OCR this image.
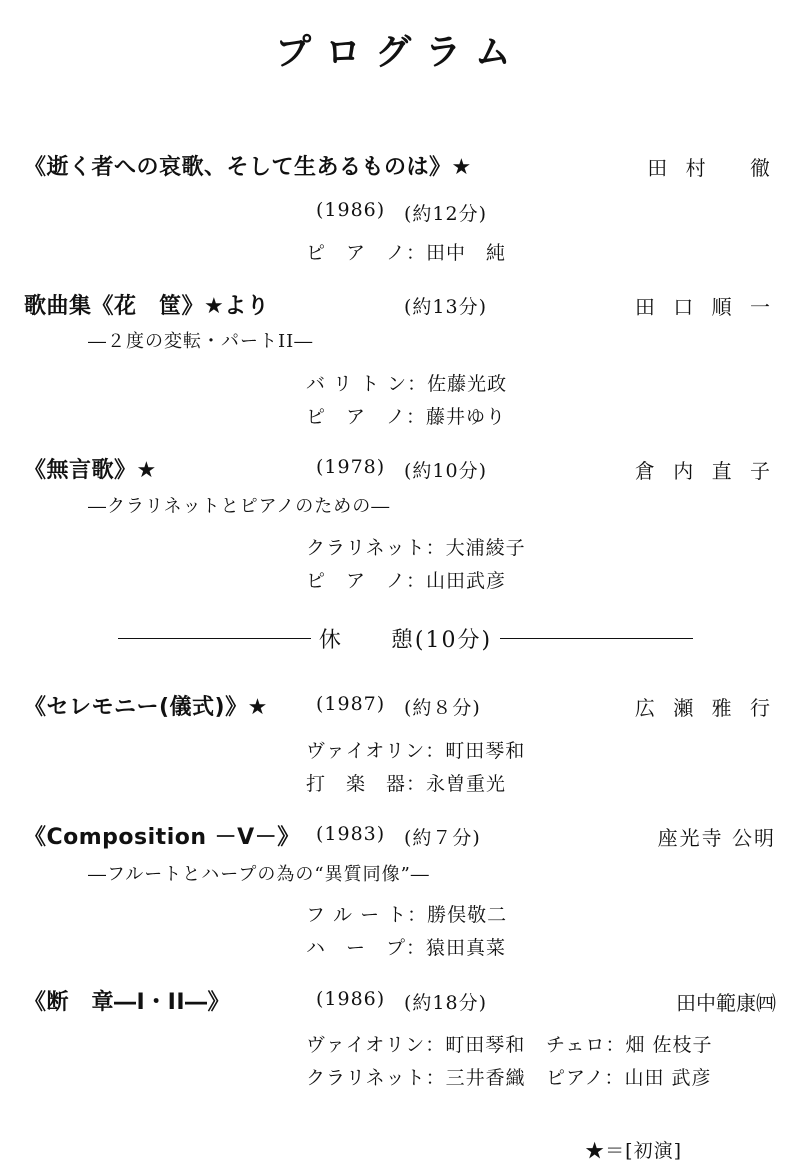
プログラム
《逝く者への哀歌、そして生あるものは》★	田 村　 徹
(1986) (約12分)
ピ　ア　ノ：田中　純
歌曲集《花　筐》★より	(約13分)	田 口 順 一
―２度の変転・パートII―
バ リ ト ン：佐藤光政
ピ　ア　ノ：藤井ゆり
《無言歌》★	(1978) (約10分)	倉 内 直 子
―クラリネットとピアノのための―
クラリネット：大浦綾子
ピ　ア　ノ：山田武彦
休　　憩(10分)
《セレモニー(儀式)》★	(1987) (約８分)	広 瀬 雅 行
ヴァイオリン：町田琴和
打　楽　器：永曽重光
《Composition －V－》 (1983) (約７分)	座光寺 公明
―フルートとハープの為の“異質同像”―
フ ル ー ト：勝俣敬二
ハ　ー　プ：猿田真菜
《断　章―Ⅰ・II―》	(1986) (約18分)	田中範康㈣
ヴァイオリン：町田琴和 チェロ：畑 佐枝子
クラリネット：三井香織 ピアノ：山田 武彦
★＝[初演]
